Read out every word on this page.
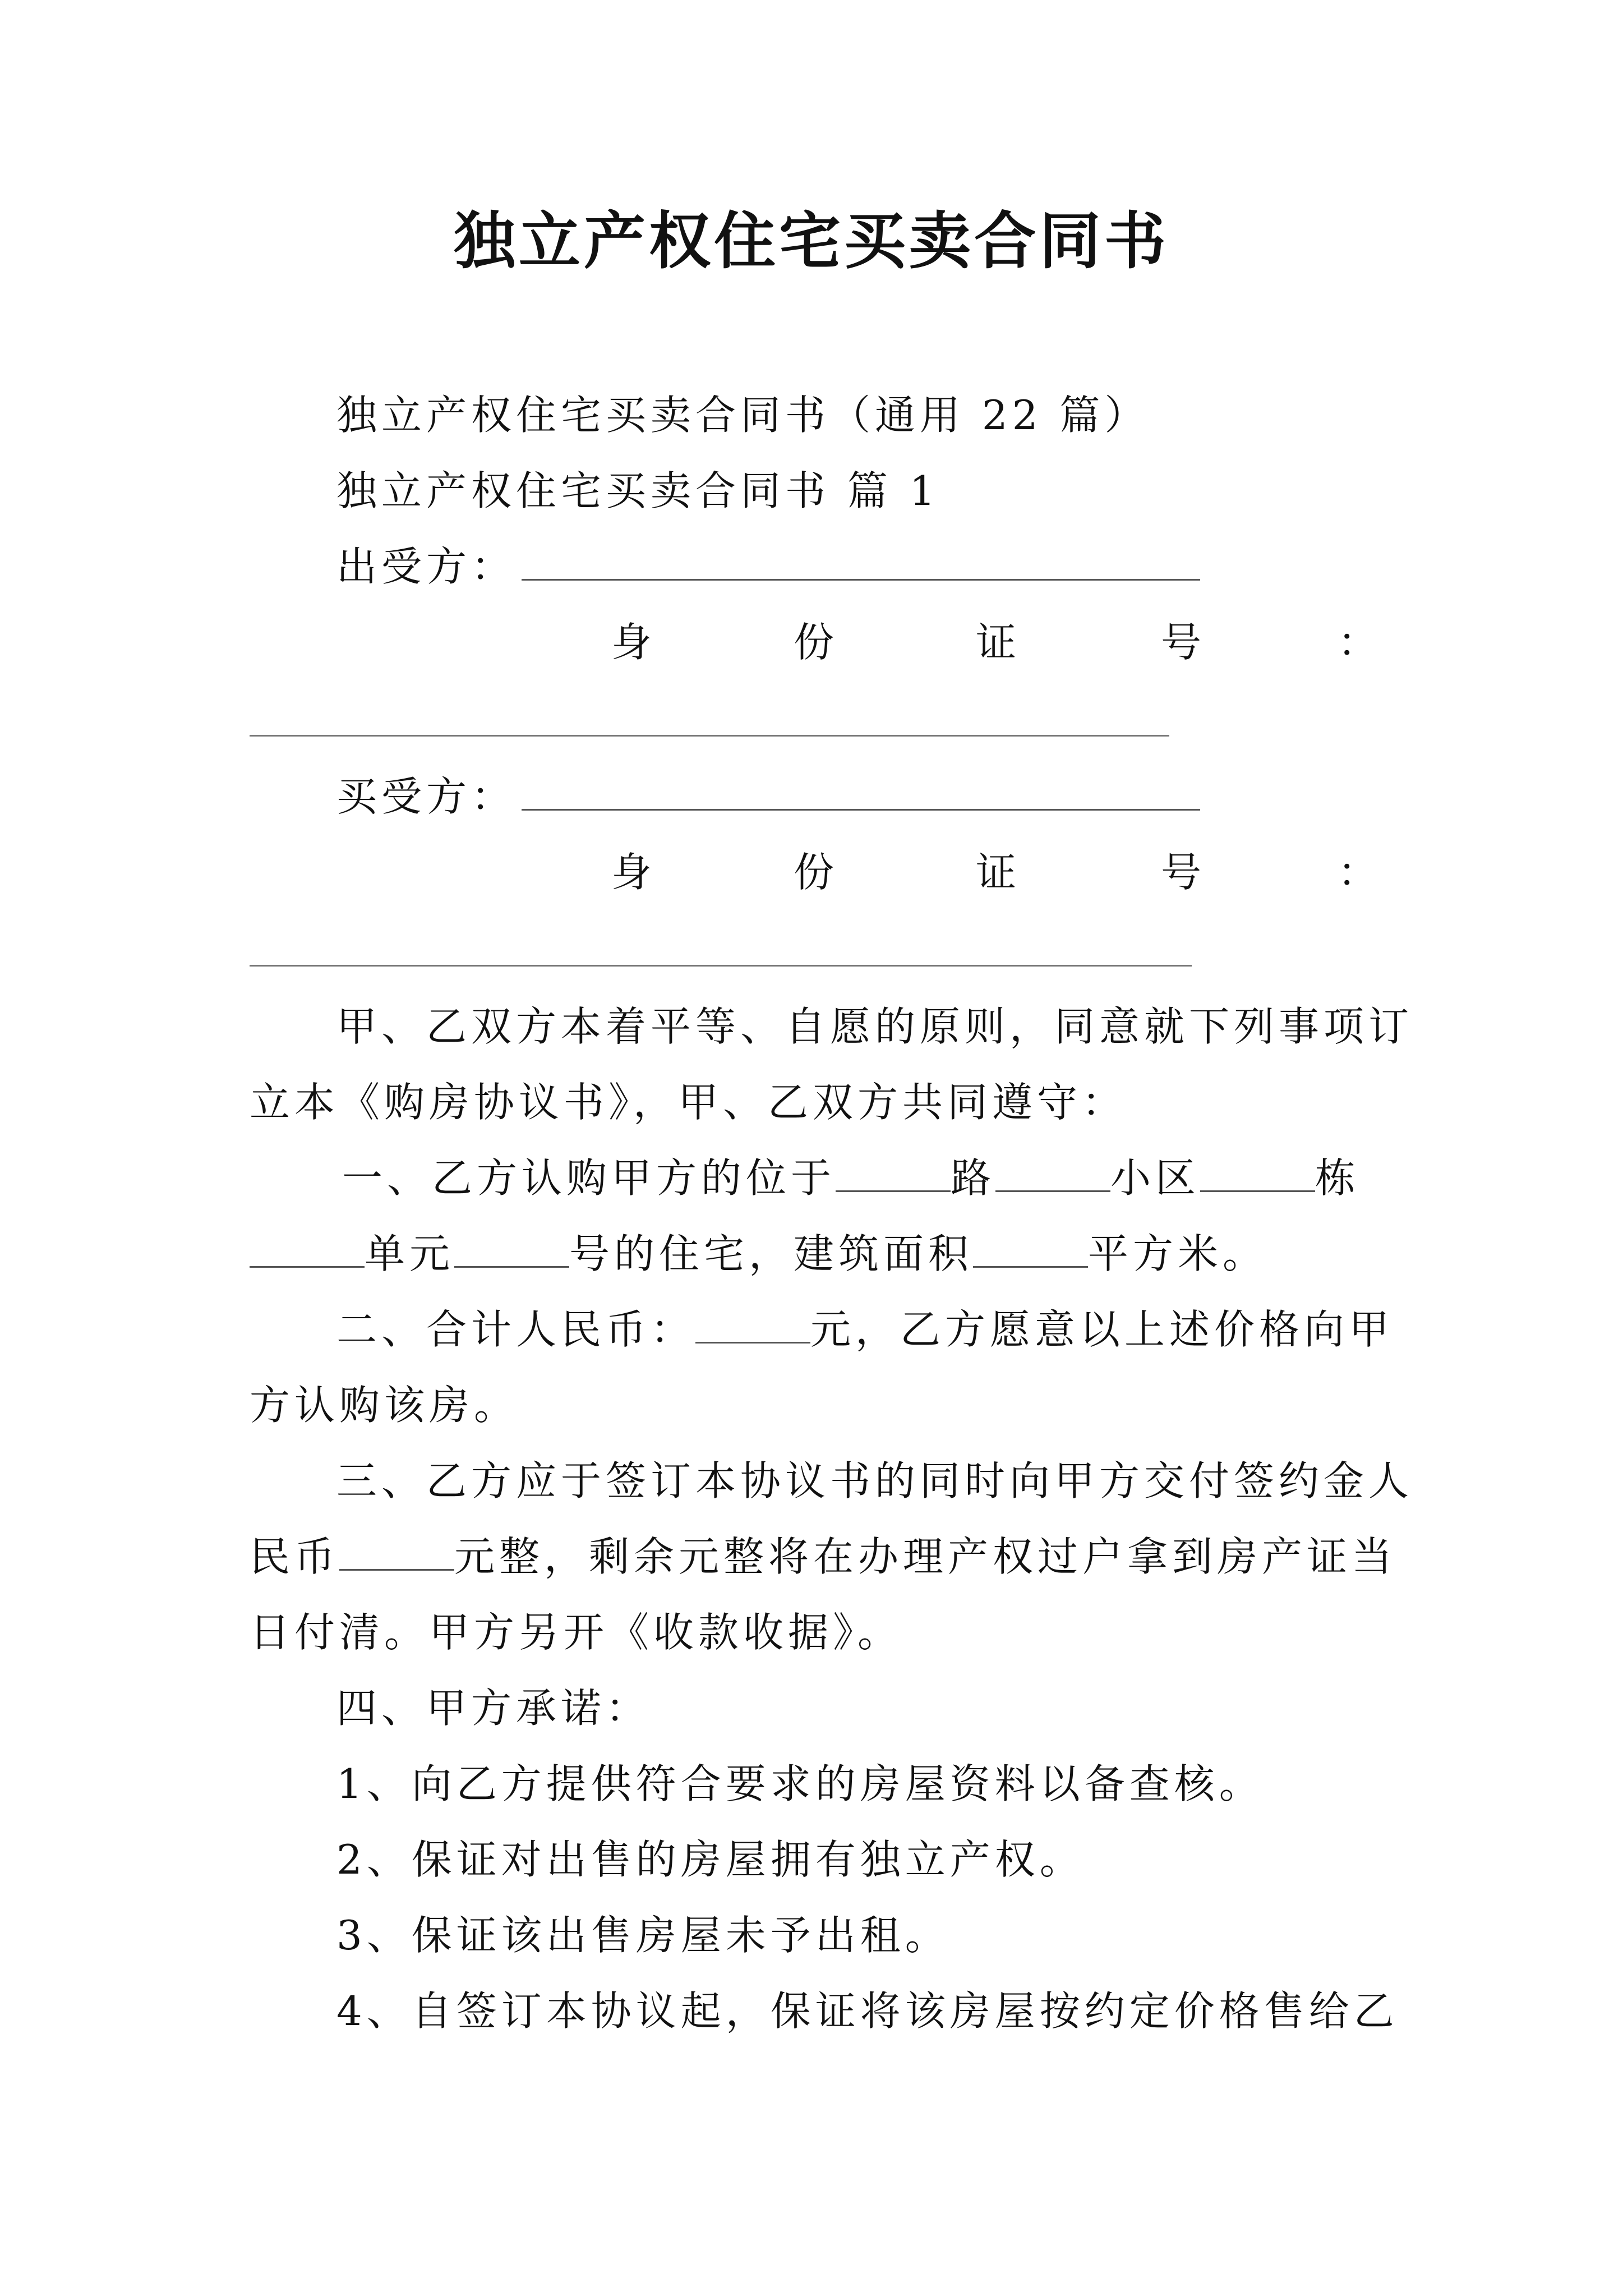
独立产权住宅买卖合同书
独立产权住宅买卖合同书（通用 22 篇）
独立产权住宅买卖合同书 篇 1
出受方：
身	份	证	号	：
买受方：
身	份	证	号	：
甲、乙双方本着平等、自愿的原则，同意就下列事项订
立本《购房协议书》，甲、乙双方共同遵守：
一、乙方认购甲方的位于	路	小区	栋
单元	号的住宅，建筑面积	平方米。
二、合计人民币：	元，乙方愿意以上述价格向甲
方认购该房。
三、乙方应于签订本协议书的同时向甲方交付签约金人
民币	元整，剩余元整将在办理产权过户拿到房产证当
日付清。甲方另开《收款收据》。
四、甲方承诺：
1、向乙方提供符合要求的房屋资料以备查核。
2、保证对出售的房屋拥有独立产权。
3、保证该出售房屋未予出租。
4、自签订本协议起，保证将该房屋按约定价格售给乙
